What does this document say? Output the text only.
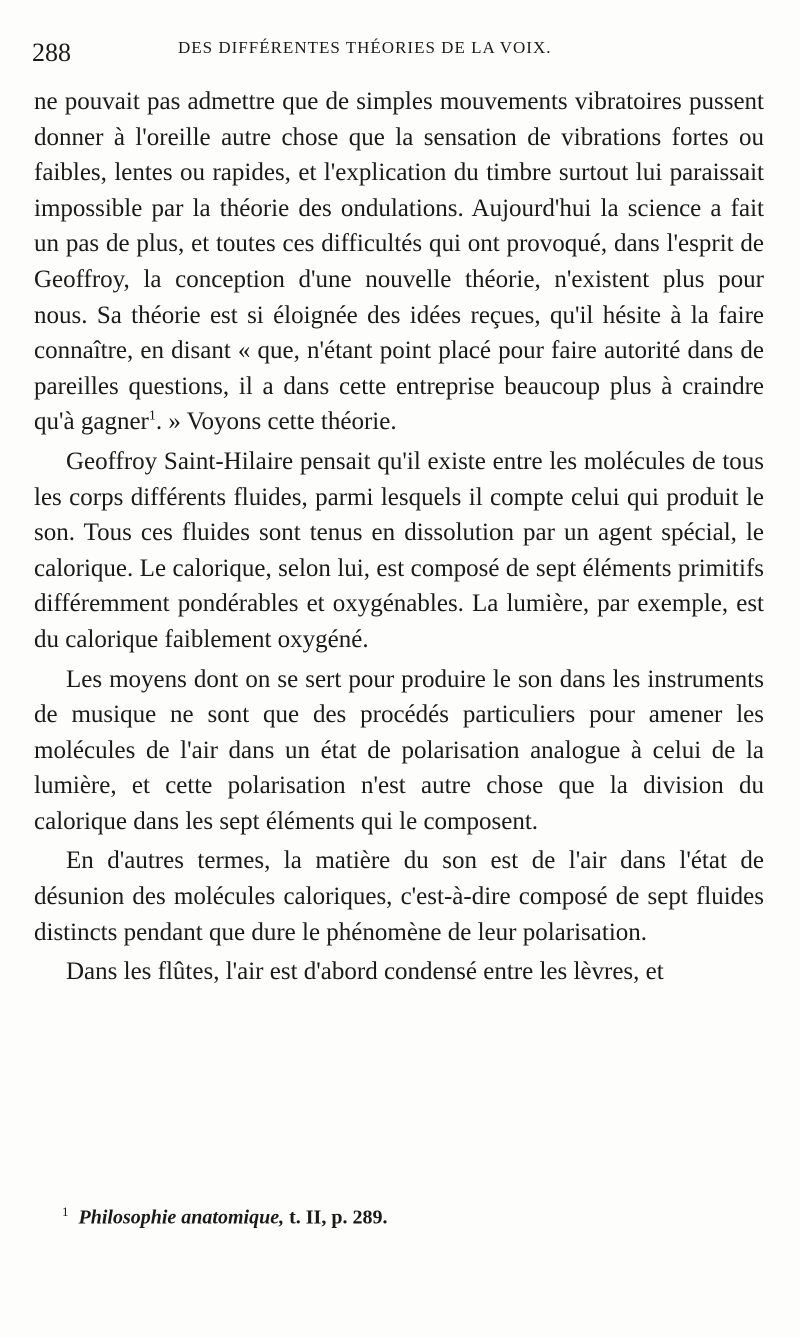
288	DES DIFFÉRENTES THÉORIES DE LA VOIX.

ne pouvait pas admettre que de simples mouvements vibratoires pussent donner à l'oreille autre chose que la sensation de vibrations fortes ou faibles, lentes ou rapides, et l'explication du timbre surtout lui paraissait impossible par la théorie des ondulations. Aujourd'hui la science a fait un pas de plus, et toutes ces difficultés qui ont provoqué, dans l'esprit de Geoffroy, la conception d'une nouvelle théorie, n'existent plus pour nous. Sa théorie est si éloignée des idées reçues, qu'il hésite à la faire connaître, en disant « que, n'étant point placé pour faire autorité dans de pareilles questions, il a dans cette entreprise beaucoup plus à craindre qu'à gagner$^1$. » Voyons cette théorie.

Geoffroy Saint-Hilaire pensait qu'il existe entre les molécules de tous les corps différents fluides, parmi lesquels il compte celui qui produit le son. Tous ces fluides sont tenus en dissolution par un agent spécial, le calorique. Le calorique, selon lui, est composé de sept éléments primitifs différemment pondérables et oxygénables. La lumière, par exemple, est du calorique faiblement oxygéné.

Les moyens dont on se sert pour produire le son dans les instruments de musique ne sont que des procédés particuliers pour amener les molécules de l'air dans un état de polarisation analogue à celui de la lumière, et cette polarisation n'est autre chose que la division du calorique dans les sept éléments qui le composent.

En d'autres termes, la matière du son est de l'air dans l'état de désunion des molécules caloriques, c'est-à-dire composé de sept fluides distincts pendant que dure le phénomène de leur polarisation.

Dans les flûtes, l'air est d'abord condensé entre les lèvres, et

$^1$ Philosophie anatomique, t. II, p. 289.
